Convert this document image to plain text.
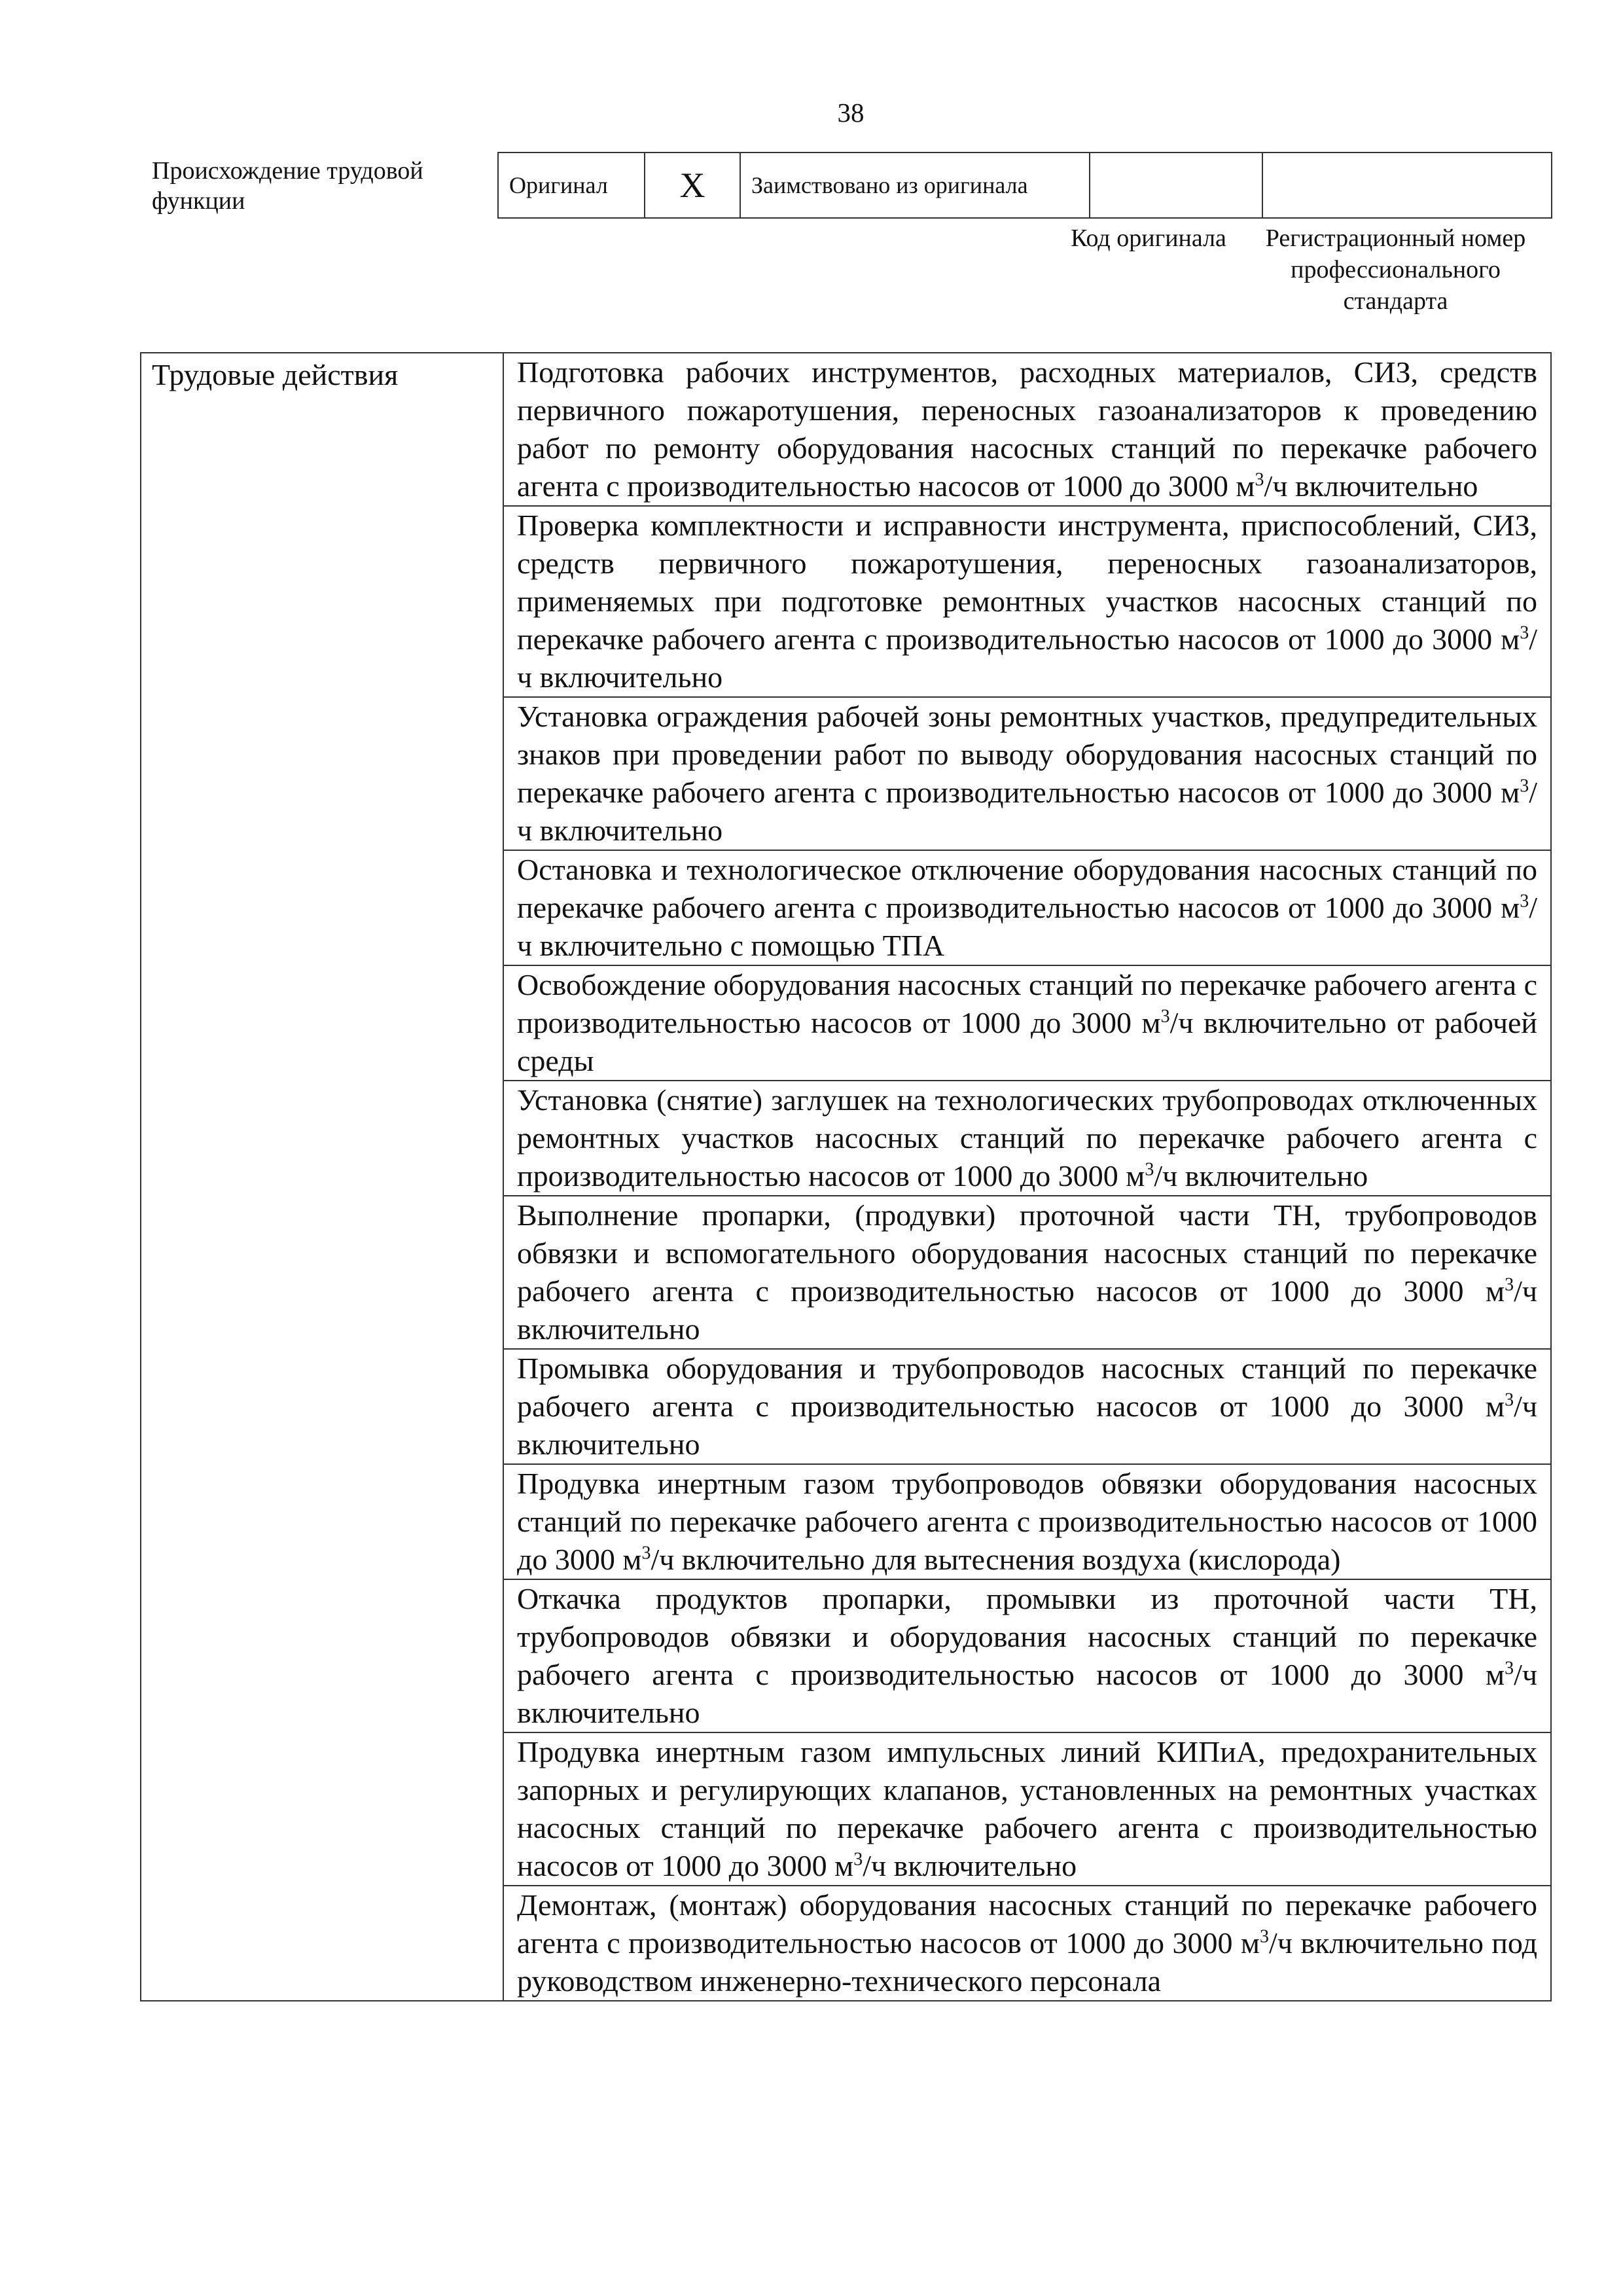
38
Происхождение трудовой функции
Оригинал	X	Заимствовано из оригинала		
Код оригинала	Регистрационный номер профессионального стандарта
Трудовые действия	Подготовка рабочих инструментов, расходных материалов, СИЗ, средств первичного пожаротушения, переносных газоанализаторов к проведению работ по ремонту оборудования насосных станций по перекачке рабочего агента с производительностью насосов от 1000 до 3000 $м^3/ч$ включительно
Проверка комплектности и исправности инструмента, приспособлений, СИЗ, средств первичного пожаротушения, переносных газоанализаторов, применяемых при подготовке ремонтных участков насосных станций по перекачке рабочего агента с производительностью насосов от 1000 до 3000 $м^3/ч$ включительно
Установка ограждения рабочей зоны ремонтных участков, предупредительных знаков при проведении работ по выводу оборудования насосных станций по перекачке рабочего агента с производительностью насосов от 1000 до 3000 $м^3/ч$ включительно
Остановка и технологическое отключение оборудования насосных станций по перекачке рабочего агента с производительностью насосов от 1000 до 3000 $м^3/ч$ включительно с помощью ТПА
Освобождение оборудования насосных станций по перекачке рабочего агента с производительностью насосов от 1000 до 3000 $м^3/ч$ включительно от рабочей среды
Установка (снятие) заглушек на технологических трубопроводах отключенных ремонтных участков насосных станций по перекачке рабочего агента с производительностью насосов от 1000 до 3000 $м^3/ч$ включительно
Выполнение пропарки, (продувки) проточной части ТН, трубопроводов обвязки и вспомогательного оборудования насосных станций по перекачке рабочего агента с производительностью насосов от 1000 до 3000 $м^3/ч$ включительно
Промывка оборудования и трубопроводов насосных станций по перекачке рабочего агента с производительностью насосов от 1000 до 3000 $м^3/ч$ включительно
Продувка инертным газом трубопроводов обвязки оборудования насосных станций по перекачке рабочего агента с производительностью насосов от 1000 до 3000 $м^3/ч$ включительно для вытеснения воздуха (кислорода)
Откачка продуктов пропарки, промывки из проточной части ТН, трубопроводов обвязки и оборудования насосных станций по перекачке рабочего агента с производительностью насосов от 1000 до 3000 $м^3/ч$ включительно
Продувка инертным газом импульсных линий КИПиА, предохранительных запорных и регулирующих клапанов, установленных на ремонтных участках насосных станций по перекачке рабочего агента с производительностью насосов от 1000 до 3000 $м^3/ч$ включительно
Демонтаж, (монтаж) оборудования насосных станций по перекачке рабочего агента с производительностью насосов от 1000 до 3000 $м^3/ч$ включительно под руководством инженерно-технического персонала
